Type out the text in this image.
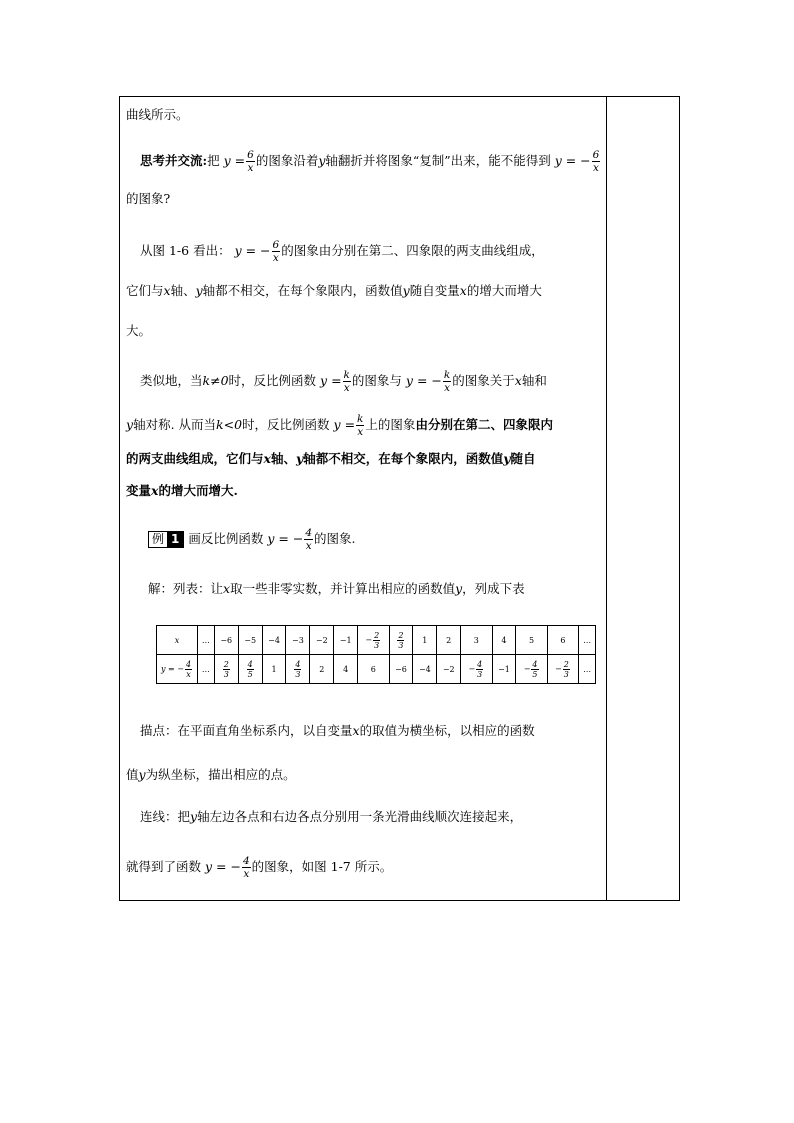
曲线所示。
思考并交流:把 $y = \frac{6}{x}$ 的图象沿着y轴翻折并将图象“复制”出来，能不能得到 y = − $\frac{6}{x}$
的图象?
从图 1-6 看出： y = − $\frac{6}{x}$ 的图象由分别在第二、四象限的两支曲线组成，
它们与x轴、y轴都不相交，在每个象限内，函数值y随自变量x的增大而增大
大。
类似地，当k≠0时，反比例函数 $y = \frac{k}{x}$ 的图象与 y = − $\frac{k}{x}$ 的图象关于x轴和
y轴对称. 从而当k<0时，反比例函数 $y = \frac{k}{x}$ 上的图象由分别在第二、四象限内
的两支曲线组成，它们与x轴、y轴都不相交，在每个象限内，函数值y随自
变量x的增大而增大.
例 1 画反比例函数 y = − $\frac{4}{x}$ 的图象.
解：列表：让x取一些非零实数，并计算出相应的函数值y，列成下表
x	…	−6	−5	−4	−3	−2	−1	− $\frac{2}{3}$	$\frac{2}{3}$	1	2	3	4	5	6	…
y = − $\frac{4}{x}$	…	$\frac{2}{3}$	$\frac{4}{5}$	1	$\frac{4}{3}$	2	4	6	−6	−4	−2	− $\frac{4}{3}$	−1	− $\frac{4}{5}$	− $\frac{2}{3}$	…
描点：在平面直角坐标系内，以自变量x的取值为横坐标，以相应的函数
值y为纵坐标，描出相应的点。
连线：把y轴左边各点和右边各点分别用一条光滑曲线顺次连接起来，
就得到了函数 y = − $\frac{4}{x}$ 的图象，如图 1-7 所示。
